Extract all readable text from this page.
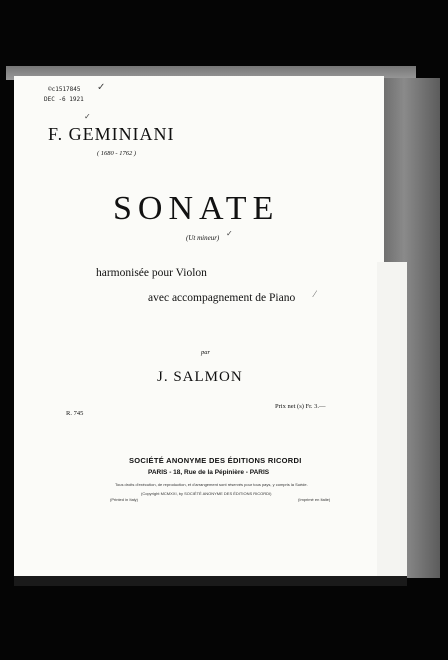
©c1517845
DEC -6 1921
✓
✓
F. GEMINIANI
( 1680 - 1762 )
SONATE
(Ut mineur) ✓
harmonisée pour Violon
avec accompagnement de Piano ⁄
par
J. SALMON
R. 745
Prix net (s) Fr. 3.—
SOCIÉTÉ ANONYME DES ÉDITIONS RICORDI
PARIS - 18, Rue de la Pépinière - PARIS
Tous droits d'exécution, de reproduction, et d'arrangement sont réservés pour tous pays, y compris la Suède.
(Copyright MCMXXI, by SOCIÉTÉ ANONYME DES ÉDITIONS RICORDI)
(Printed in Italy)	(Imprimé en Italie)
